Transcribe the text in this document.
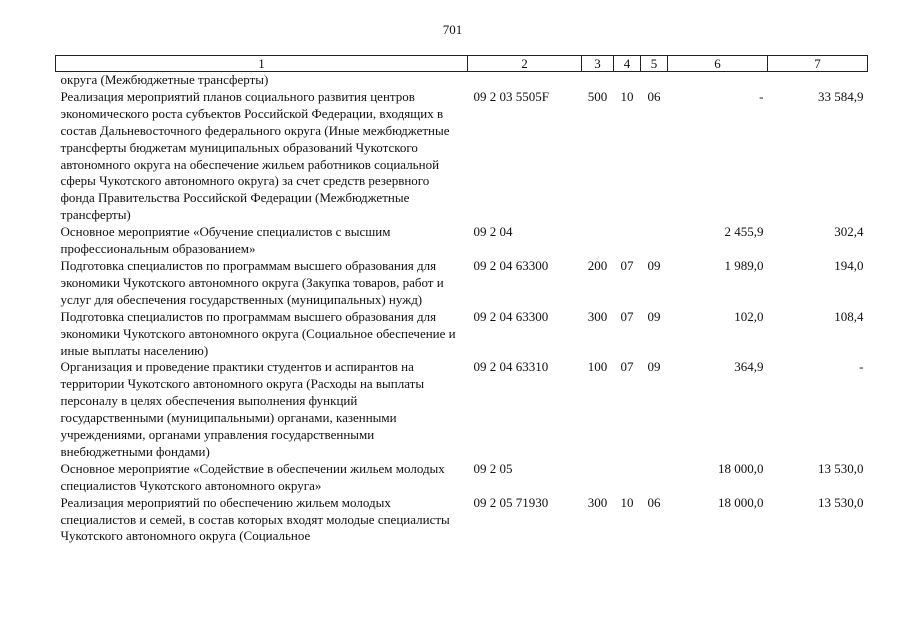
701
1	2	3	4	5	6	7
округа (Межбюджетные трансферты)						
Реализация мероприятий планов социального развития центров экономического роста субъектов Российской Федерации, входящих в состав Дальневосточного федерального округа (Иные межбюджетные трансферты бюджетам муниципальных образований Чукотского автономного округа на обеспечение жильем работников социальной сферы Чукотского автономного округа) за счет средств резервного фонда Правительства Российской Федерации (Межбюджетные трансферты)	09 2 03 5505F	500	10	06	-	33 584,9
Основное мероприятие «Обучение специалистов с высшим профессиональным образованием»	09 2 04				2 455,9	302,4
Подготовка специалистов по программам высшего образования для экономики Чукотского автономного округа (Закупка товаров, работ и услуг для обеспечения государственных (муниципальных) нужд)	09 2 04 63300	200	07	09	1 989,0	194,0
Подготовка специалистов по программам высшего образования для экономики Чукотского автономного округа (Социальное обеспечение и иные выплаты населению)	09 2 04 63300	300	07	09	102,0	108,4
Организация и проведение практики студентов и аспирантов на территории Чукотского автономного округа (Расходы на выплаты персоналу в целях обеспечения выполнения функций государственными (муниципальными) органами, казенными учреждениями, органами управления государственными внебюджетными фондами)	09 2 04 63310	100	07	09	364,9	-
Основное мероприятие «Содействие в обеспечении жильем молодых специалистов Чукотского автономного округа»	09 2 05				18 000,0	13 530,0
Реализация мероприятий по обеспечению жильем молодых специалистов и семей, в состав которых входят молодые специалисты Чукотского автономного округа (Социальное	09 2 05 71930	300	10	06	18 000,0	13 530,0
